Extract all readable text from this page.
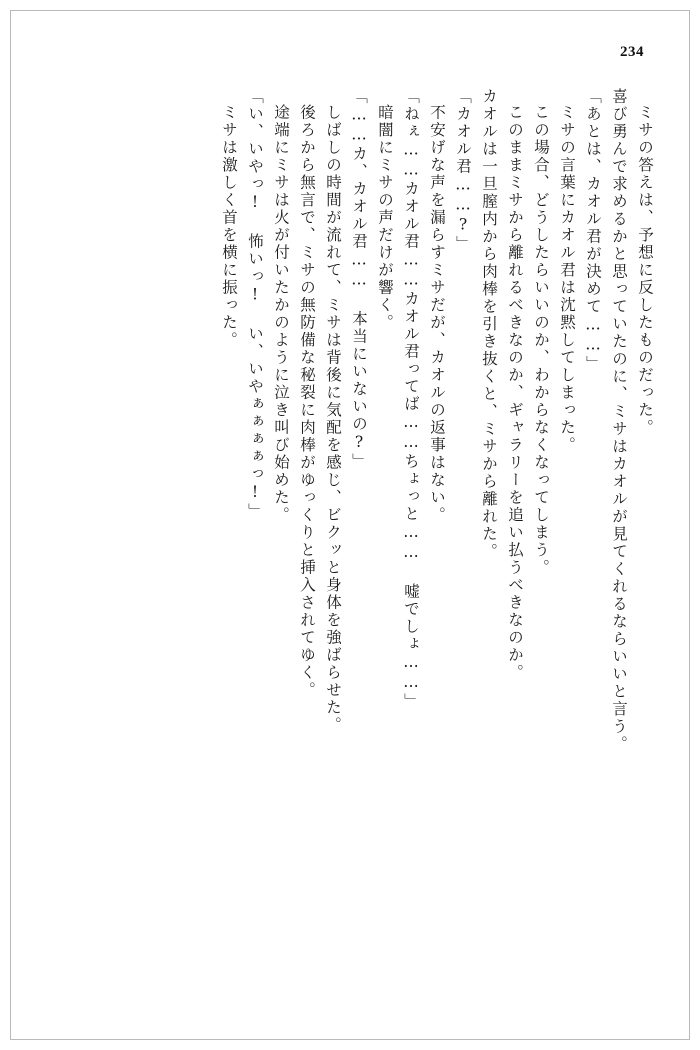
234
ミサの答えは、予想に反したものだった。
喜び勇んで求めるかと思っていたのに、ミサはカオルが見てくれるならいいと言う。
「あとは、カオル君が決めて……」
ミサの言葉にカオル君は沈黙してしまった。
この場合、どうしたらいいのか、わからなくなってしまう。
このままミサから離れるべきなのか、ギャラリーを追い払うべきなのか。
カオルは一旦膣内から肉棒を引き抜くと、ミサから離れた。
「カオル君……?」
不安げな声を漏らすミサだが、カオルの返事はない。
「ねぇ……カオル君……カオル君ってば……ちょっと…… 嘘でしょ……」
暗闇にミサの声だけが響く。
「……カ、カオル君…… 本当にいないの?」
しばしの時間が流れて、ミサは背後に気配を感じ、ビクッと身体を強ばらせた。
後ろから無言で、ミサの無防備な秘裂に肉棒がゆっくりと挿入されてゆく。
途端にミサは火が付いたかのように泣き叫び始めた。
「い、いやっ! 怖いっ! い、いやぁぁぁぁっ!」
ミサは激しく首を横に振った。
